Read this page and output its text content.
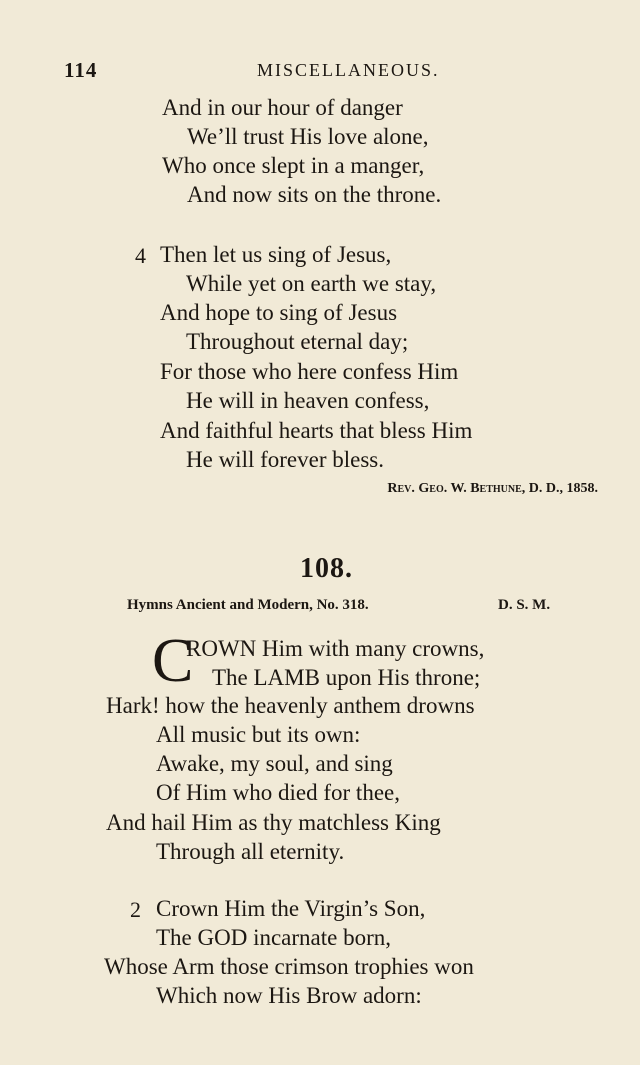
114	MISCELLANEOUS.
And in our hour of danger
We’ll trust His love alone,
Who once slept in a manger,
And now sits on the throne.
4 Then let us sing of Jesus,
While yet on earth we stay,
And hope to sing of Jesus
Throughout eternal day;
For those who here confess Him
He will in heaven confess,
And faithful hearts that bless Him
He will forever bless.
Rev. Geo. W. Bethune, D. D., 1858.
108.
Hymns Ancient and Modern, No. 318.	D. S. M.
C
ROWN Him with many crowns,
The LAMB upon His throne;
Hark! how the heavenly anthem drowns
All music but its own:
Awake, my soul, and sing
Of Him who died for thee,
And hail Him as thy matchless King
Through all eternity.
2 Crown Him the Virgin’s Son,
The GOD incarnate born,
Whose Arm those crimson trophies won
Which now His Brow adorn:
